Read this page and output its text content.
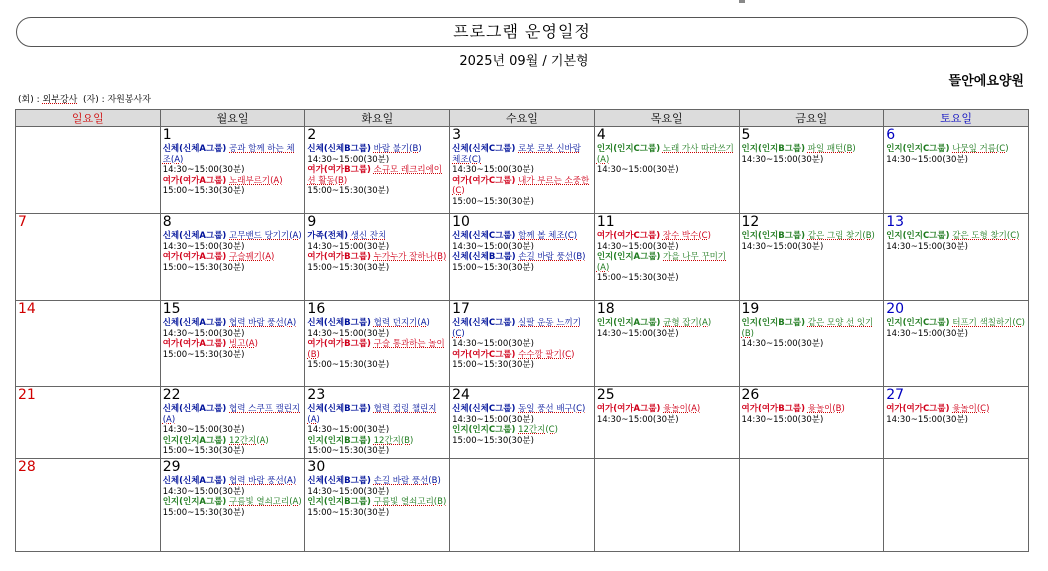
프로그램 운영일정
2025년 09월 / 기본형
뜰안에요양원
(회) : 외부강사  (자) : 자원봉사자
일요일	월요일	화요일	수요일	목요일	금요일	토요일

	1
신체(신체A그룹) 공과 함께 하는 체조(A)
14:30~15:00(30분)
여가(여가A그룹) 노래부르기(A)
15:00~15:30(30분)	2
신체(신체B그룹) 바람 불기(B)
14:30~15:00(30분)
여가(여가B그룹) 소규모 레크리에이션 활동(B)
15:00~15:30(30분)	3
신체(신체C그룹) 로봇 로봇 신바람 체조(C)
14:30~15:00(30분)
여가(여가C그룹) 내가 부르는 소중한(C)
15:00~15:30(30분)	4
인지(인지C그룹) 노래 가사 따라쓰기(A)
14:30~15:00(30분)	5
인지(인지B그룹) 파일 패턴(B)
14:30~15:00(30분)	6
인지(인지C그룹) 나뭇잎 거름(C)
14:30~15:00(30분)

7	8
신체(신체A그룹) 고무밴드 당기기(A)
14:30~15:00(30분)
여가(여가A그룹) 구슬꿰기(A)
15:00~15:30(30분)	9
가족(전체) 생신 잔치
14:30~15:00(30분)
여가(여가B그룹) 누가누가 잘하나(B)
15:00~15:30(30분)	10
신체(신체C그룹) 함께 볼 체조(C)
14:30~15:00(30분)
신체(신체B그룹) 손길 바람 풍선(B)
15:00~15:30(30분)	11
여가(여가C그룹) 장수 박수(C)
14:30~15:00(30분)
인지(인지A그룹) 가을 나무 꾸미기(A)
15:00~15:30(30분)	12
인지(인지B그룹) 같은 그림 찾기(B)
14:30~15:00(30분)	13
인지(인지C그룹) 같은 도형 찾기(C)
14:30~15:00(30분)

14	15
신체(신체A그룹) 협력 바람 풍선(A)
14:30~15:00(30분)
여가(여가A그룹) 빙고(A)
15:00~15:30(30분)	16
신체(신체B그룹) 협력 던지기(A)
14:30~15:00(30분)
여가(여가B그룹) 구슬 통과하는 놀이(B)
15:00~15:30(30분)	17
신체(신체C그룹) 실팔 운동 느끼기(C)
14:30~15:00(30분)
여가(여가C그룹) 수수깡 팔기(C)
15:00~15:30(30분)	18
인지(인지A그룹) 균형 잡기(A)
14:30~15:00(30분)	19
인지(인지B그룹) 같은 모양 선 잇기(B)
14:30~15:00(30분)	20
인지(인지C그룹) 터프기 색칠하기(C)
14:30~15:00(30분)

21	22
신체(신체A그룹) 협력 스쿠프 캘린지(A)
14:30~15:00(30분)
인지(인지A그룹) 12간지(A)
15:00~15:30(30분)	23
신체(신체B그룹) 협력 컵링 챌린지(A)
14:30~15:00(30분)
인지(인지B그룹) 12간지(B)
15:00~15:30(30분)	24
신체(신체C그룹) 동일 풍선 배구(C)
14:30~15:00(30분)
인지(인지C그룹) 12간지(C)
15:00~15:30(30분)	25
여가(여가A그룹) 윷놀이(A)
14:30~15:00(30분)	26
여가(여가B그룹) 윷놀이(B)
14:30~15:00(30분)	27
여가(여가C그룹) 윷놀이(C)
14:30~15:00(30분)

28	29
신체(신체A그룹) 협력 바람 풍선(A)
14:30~15:00(30분)
인지(인지A그룹) 구름빛 열쇠고리(A)
15:00~15:30(30분)	30
신체(신체B그룹) 손길 바람 풍선(B)
14:30~15:00(30분)
인지(인지B그룹) 구름빛 열쇠고리(B)
15:00~15:30(30분)				
